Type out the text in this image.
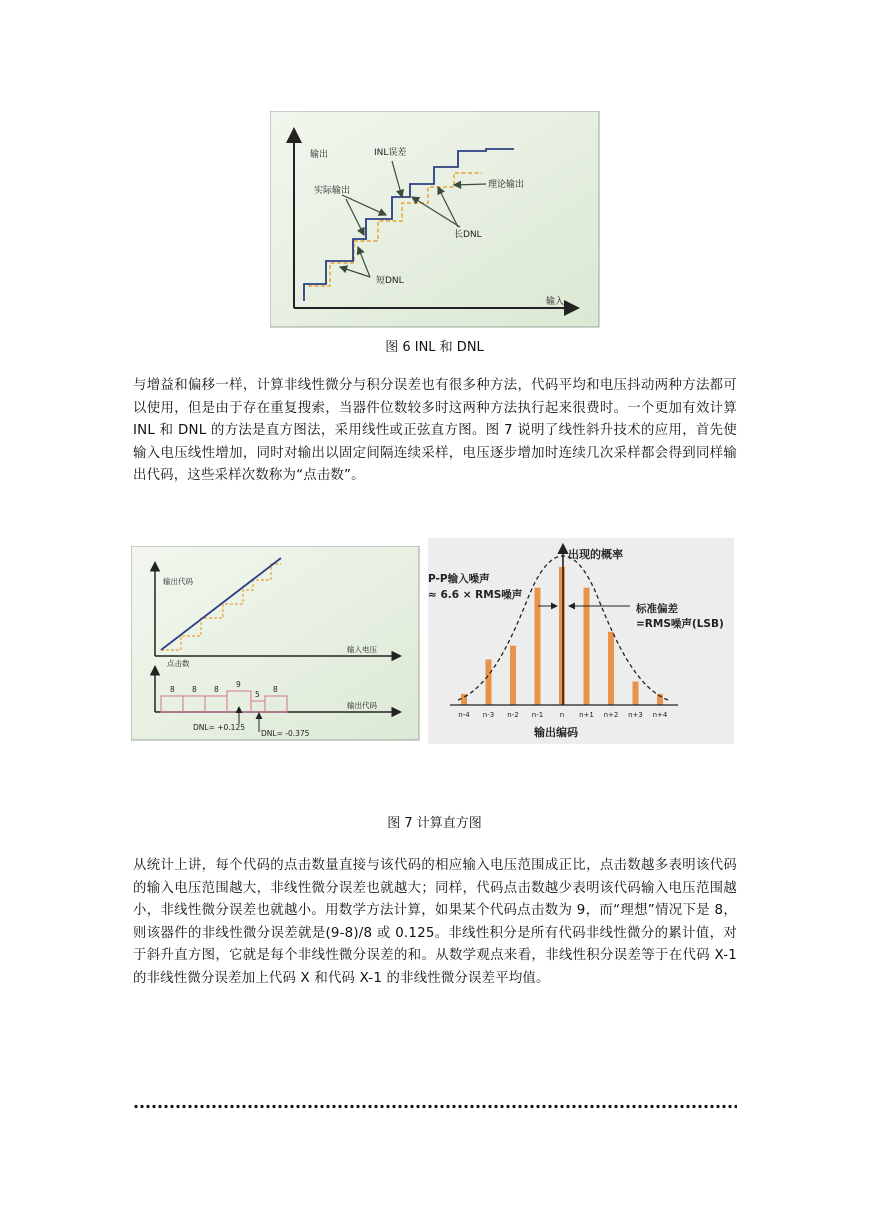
输出
输入
INL误差
实际输出
理论输出
长DNL
短DNL
图 6 INL 和 DNL
与增益和偏移一样，计算非线性微分与积分误差也有很多种方法，代码平均和电压抖动两种方法都可以使用，但是由于存在重复搜索，当器件位数较多时这两种方法执行起来很费时。一个更加有效计算 INL 和 DNL 的方法是直方图法，采用线性或正弦直方图。图 7 说明了线性斜升技术的应用，首先使输入电压线性增加，同时对输出以固定间隔连续采样，电压逐步增加时连续几次采样都会得到同样输出代码，这些采样次数称为“点击数”。
输出代码
输入电压
点击数
8 8 8
9
5
8
输出代码
DNL= +0.125
DNL= -0.375
n-4 n-3 n-2 n-1 n n+1 n+2 n+3 n+4
出现的概率
P-P输入噪声
≈ 6.6 × RMS噪声
标准偏差
=RMS噪声(LSB)
输出编码
图 7 计算直方图
从统计上讲，每个代码的点击数量直接与该代码的相应输入电压范围成正比，点击数越多表明该代码的输入电压范围越大，非线性微分误差也就越大；同样，代码点击数越少表明该代码输入电压范围越小，非线性微分误差也就越小。用数学方法计算，如果某个代码点击数为 9，而“理想”情况下是 8，则该器件的非线性微分误差就是(9-8)/8 或 0.125。非线性积分是所有代码非线性微分的累计值，对于斜升直方图，它就是每个非线性微分误差的和。从数学观点来看，非线性积分误差等于在代码 X-1 的非线性微分误差加上代码 X 和代码 X-1 的非线性微分误差平均值。
